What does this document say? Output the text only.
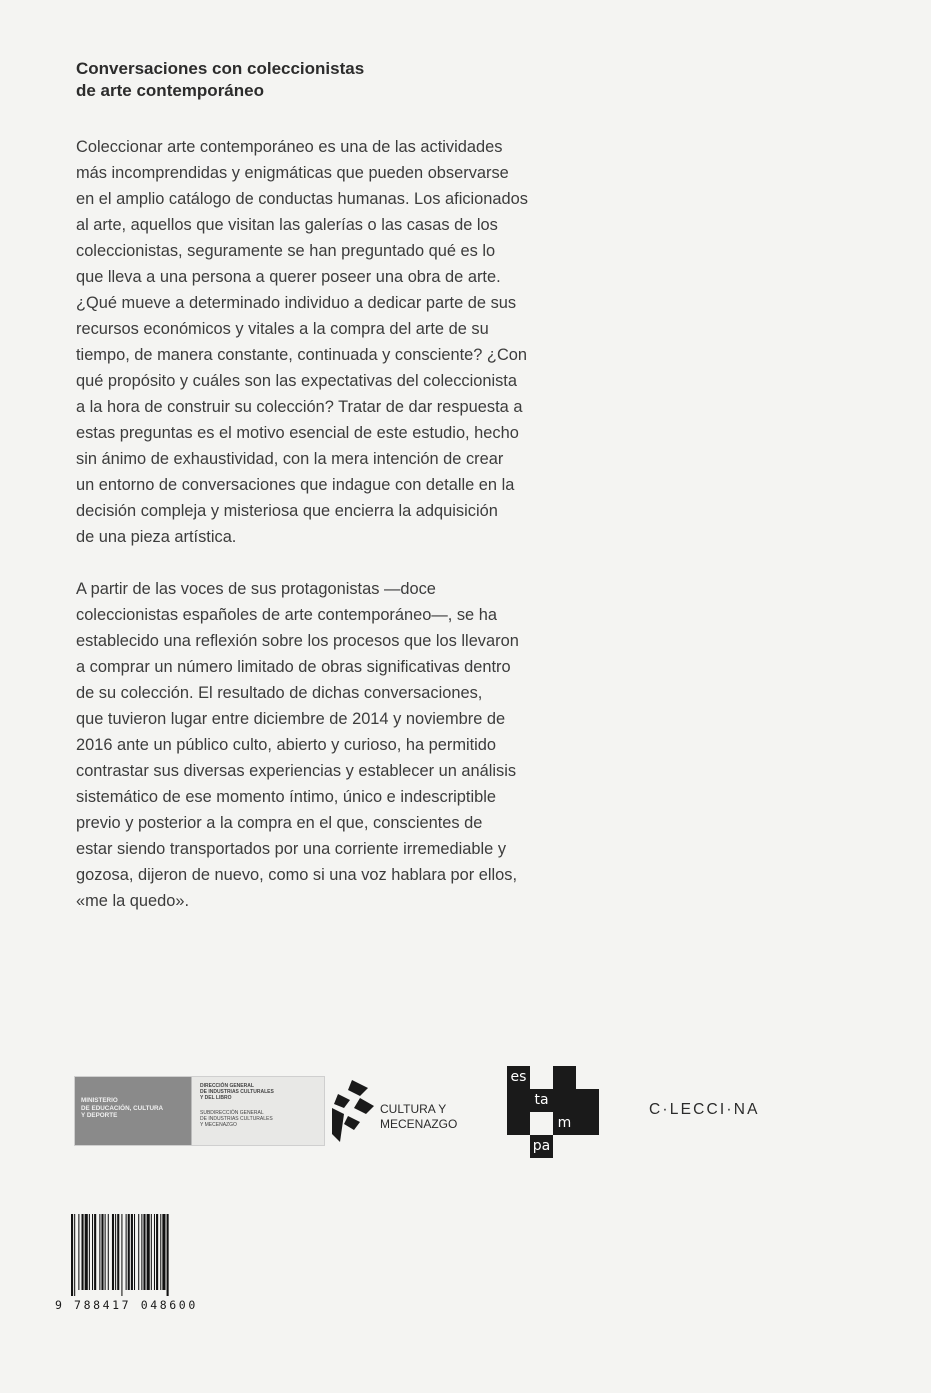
Conversaciones con coleccionistas
de arte contemporáneo
Coleccionar arte contemporáneo es una de las actividades
más incomprendidas y enigmáticas que pueden observarse
en el amplio catálogo de conductas humanas. Los aficionados
al arte, aquellos que visitan las galerías o las casas de los
coleccionistas, seguramente se han preguntado qué es lo
que lleva a una persona a querer poseer una obra de arte.
¿Qué mueve a determinado individuo a dedicar parte de sus
recursos económicos y vitales a la compra del arte de su
tiempo, de manera constante, continuada y consciente? ¿Con
qué propósito y cuáles son las expectativas del coleccionista
a la hora de construir su colección? Tratar de dar respuesta a
estas preguntas es el motivo esencial de este estudio, hecho
sin ánimo de exhaustividad, con la mera intención de crear
un entorno de conversaciones que indague con detalle en la
decisión compleja y misteriosa que encierra la adquisición
de una pieza artística.
A partir de las voces de sus protagonistas —doce
coleccionistas españoles de arte contemporáneo—, se ha
establecido una reflexión sobre los procesos que los llevaron
a comprar un número limitado de obras significativas dentro
de su colección. El resultado de dichas conversaciones,
que tuvieron lugar entre diciembre de 2014 y noviembre de
2016 ante un público culto, abierto y curioso, ha permitido
contrastar sus diversas experiencias y establecer un análisis
sistemático de ese momento íntimo, único e indescriptible
previo y posterior a la compra en el que, conscientes de
estar siendo transportados por una corriente irremediable y
gozosa, dijeron de nuevo, como si una voz hablara por ellos,
«me la quedo».
MINISTERIO
DE EDUCACIÓN, CULTURA
Y DEPORTE
DIRECCIÓN GENERAL
DE INDUSTRIAS CULTURALES
Y DEL LIBRO
SUBDIRECCIÓN GENERAL
DE INDUSTRIAS CULTURALES
Y MECENAZGO
CULTURA Y
MECENAZGO
es
ta
m
pa
C·LECCI·NA
9 788417 048600
